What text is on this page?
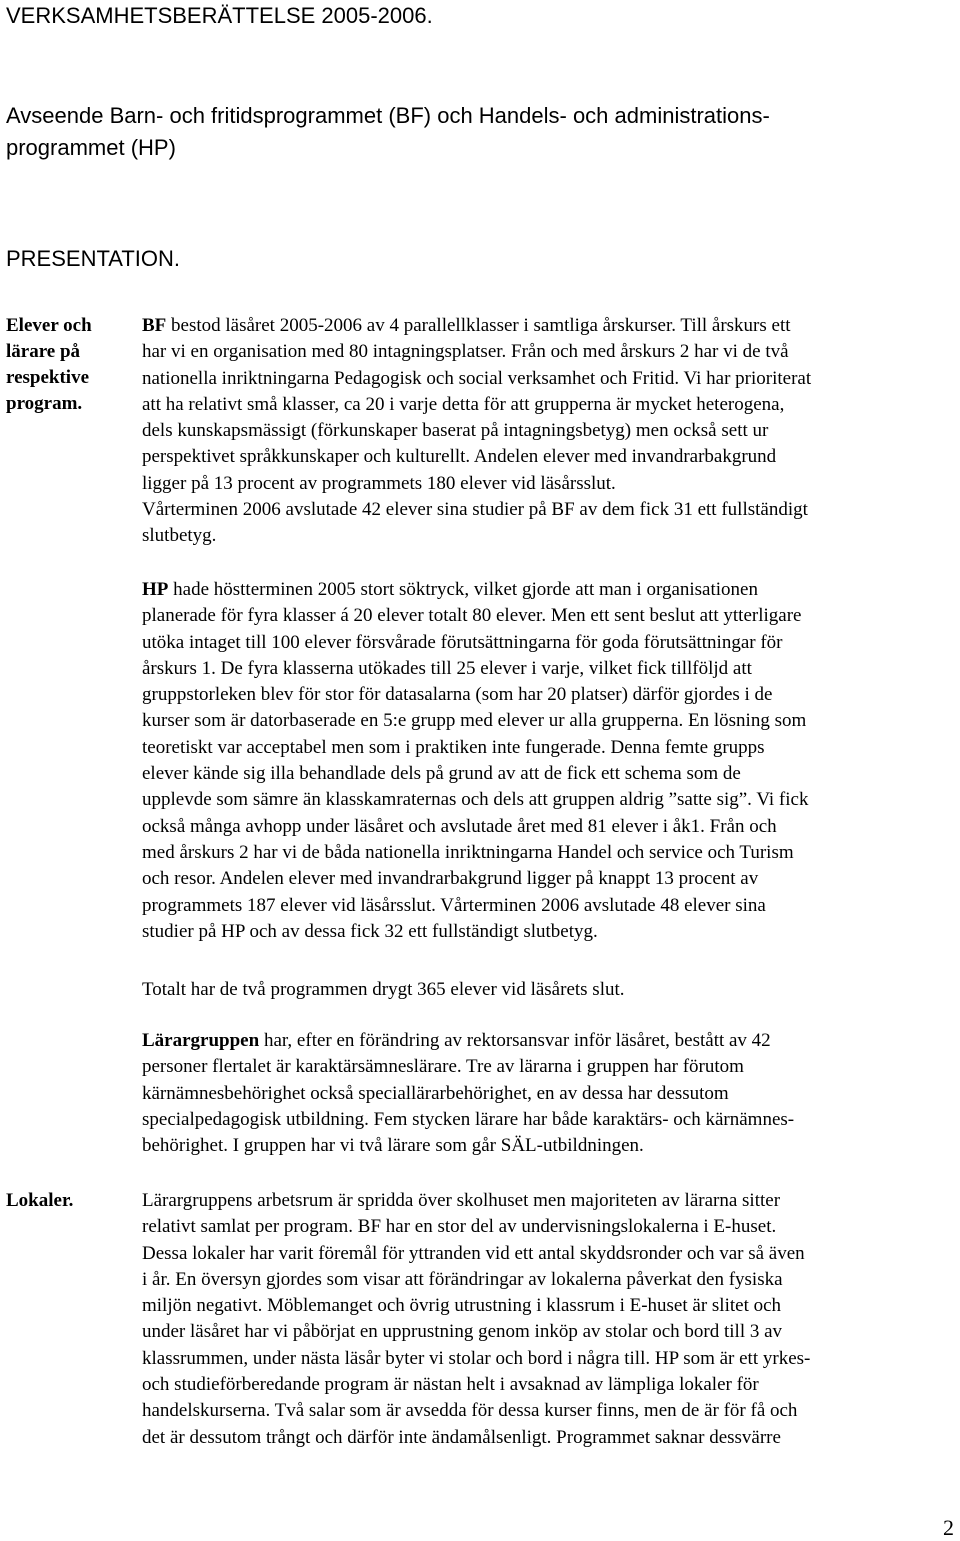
VERKSAMHETSBERÄTTELSE 2005-2006.
Avseende Barn- och fritidsprogrammet (BF) och Handels- och administrations-
programmet (HP)
PRESENTATION.
Elever och
lärare på
respektive
program.
BF bestod läsåret 2005-2006 av 4 parallellklasser i samtliga årskurser. Till årskurs ett
har vi en organisation med 80 intagningsplatser. Från och med årskurs 2 har vi de två
nationella inriktningarna Pedagogisk och social verksamhet och Fritid. Vi har prioriterat
att ha relativt små klasser, ca 20 i varje detta för att grupperna är mycket heterogena,
dels kunskapsmässigt (förkunskaper baserat på intagningsbetyg) men också sett ur
perspektivet språkkunskaper och kulturellt. Andelen elever med invandrarbakgrund
ligger på 13 procent av programmets 180 elever vid läsårsslut.
Vårterminen 2006 avslutade 42 elever sina studier på BF av dem fick 31 ett fullständigt
slutbetyg.
HP hade höstterminen 2005 stort söktryck, vilket gjorde att man i organisationen
planerade för fyra klasser á 20 elever totalt 80 elever. Men ett sent beslut att ytterligare
utöka intaget till 100 elever försvårade förutsättningarna för goda förutsättningar för
årskurs 1. De fyra klasserna utökades till 25 elever i varje, vilket fick tillföljd att
gruppstorleken blev för stor för datasalarna (som har 20 platser) därför gjordes i de
kurser som är datorbaserade en 5:e grupp med elever ur alla grupperna. En lösning som
teoretiskt var acceptabel men som i praktiken inte fungerade. Denna femte grupps
elever kände sig illa behandlade dels på grund av att de fick ett schema som de
upplevde som sämre än klasskamraternas och dels att gruppen aldrig ”satte sig”. Vi fick
också många avhopp under läsåret och avslutade året med 81 elever i åk1. Från och
med årskurs 2 har vi de båda nationella inriktningarna Handel och service och Turism
och resor. Andelen elever med invandrarbakgrund ligger på knappt 13 procent av
programmets 187 elever vid läsårsslut. Vårterminen 2006 avslutade 48 elever sina
studier på HP och av dessa fick 32 ett fullständigt slutbetyg.
Totalt har de två programmen drygt 365 elever vid läsårets slut.
Lärargruppen har, efter en förändring av rektorsansvar inför läsåret, bestått av 42
personer flertalet är karaktärsämneslärare. Tre av lärarna i gruppen har förutom
kärnämnesbehörighet också speciallärarbehörighet, en av dessa har dessutom
specialpedagogisk utbildning. Fem stycken lärare har både karaktärs- och kärnämnes-
behörighet. I gruppen har vi två lärare som går SÄL-utbildningen.
Lokaler.	Lärargruppens arbetsrum är spridda över skolhuset men majoriteten av lärarna sitter
relativt samlat per program. BF har en stor del av undervisningslokalerna i E-huset.
Dessa lokaler har varit föremål för yttranden vid ett antal skyddsronder och var så även
i år. En översyn gjordes som visar att förändringar av lokalerna påverkat den fysiska
miljön negativt. Möblemanget och övrig utrustning i klassrum i E-huset är slitet och
under läsåret har vi påbörjat en upprustning genom inköp av stolar och bord till 3 av
klassrummen, under nästa läsår byter vi stolar och bord i några till. HP som är ett yrkes-
och studieförberedande program är nästan helt i avsaknad av lämpliga lokaler för
handelskurserna. Två salar som är avsedda för dessa kurser finns, men de är för få och
det är dessutom trångt och därför inte ändamålsenligt. Programmet saknar dessvärre
2
